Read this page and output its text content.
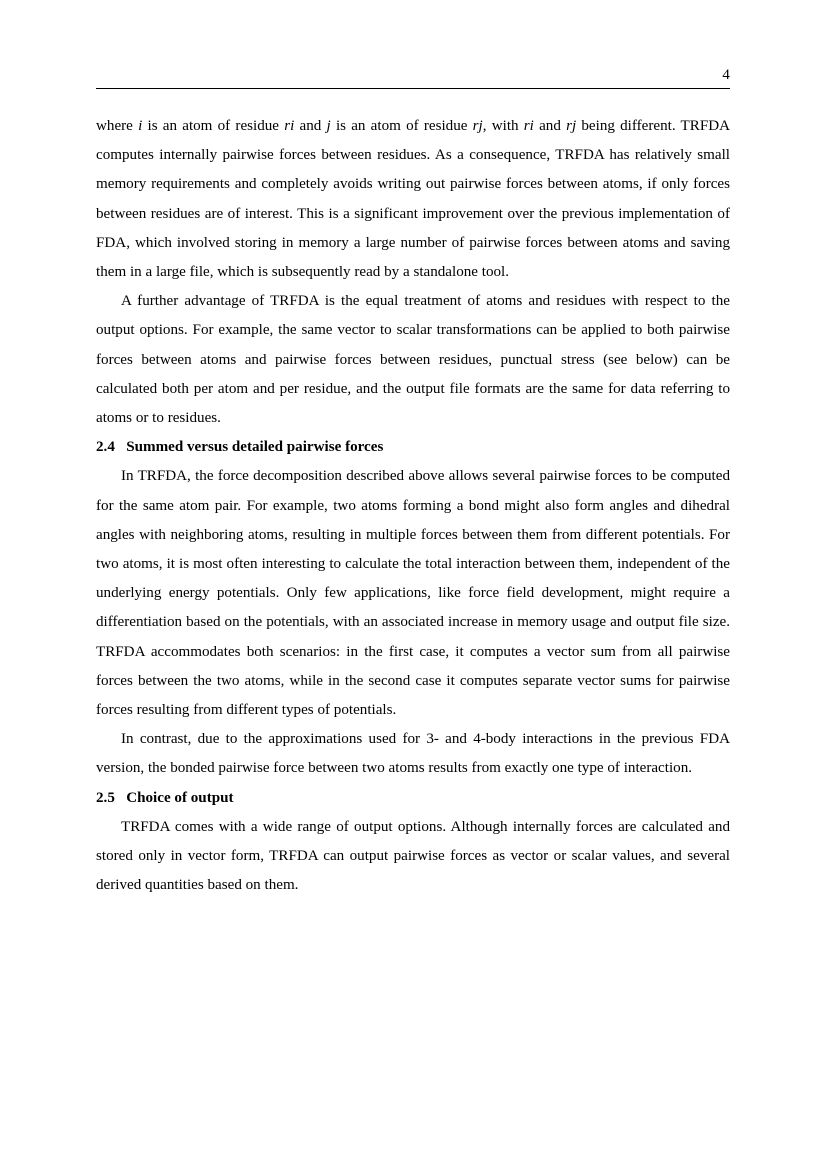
4

where i is an atom of residue ri and j is an atom of residue rj, with ri and rj being different. TRFDA computes internally pairwise forces between residues. As a consequence, TRFDA has relatively small memory requirements and completely avoids writing out pairwise forces between atoms, if only forces between residues are of interest. This is a significant improvement over the previous implementation of FDA, which involved storing in memory a large number of pairwise forces between atoms and saving them in a large file, which is subsequently read by a standalone tool.

A further advantage of TRFDA is the equal treatment of atoms and residues with respect to the output options. For example, the same vector to scalar transformations can be applied to both pairwise forces between atoms and pairwise forces between residues, punctual stress (see below) can be calculated both per atom and per residue, and the output file formats are the same for data referring to atoms or to residues.

2.4 Summed versus detailed pairwise forces

In TRFDA, the force decomposition described above allows several pairwise forces to be computed for the same atom pair. For example, two atoms forming a bond might also form angles and dihedral angles with neighboring atoms, resulting in multiple forces between them from different potentials. For two atoms, it is most often interesting to calculate the total interaction between them, independent of the underlying energy potentials. Only few applications, like force field development, might require a differentiation based on the potentials, with an associated increase in memory usage and output file size. TRFDA accommodates both scenarios: in the first case, it computes a vector sum from all pairwise forces between the two atoms, while in the second case it computes separate vector sums for pairwise forces resulting from different types of potentials.

In contrast, due to the approximations used for 3- and 4-body interactions in the previous FDA version, the bonded pairwise force between two atoms results from exactly one type of interaction.

2.5 Choice of output

TRFDA comes with a wide range of output options. Although internally forces are calculated and stored only in vector form, TRFDA can output pairwise forces as vector or scalar values, and several derived quantities based on them.
